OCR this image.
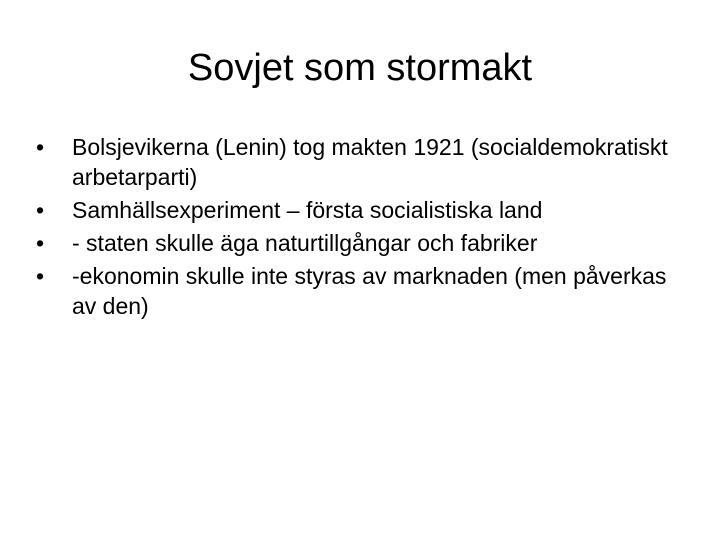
Sovjet som stormakt
• Bolsjevikerna (Lenin) tog makten 1921 (socialdemokratiskt arbetarparti)
• Samhällsexperiment – första socialistiska land
• - staten skulle äga naturtillgångar och fabriker
• -ekonomin skulle inte styras av marknaden (men påverkas av den)
